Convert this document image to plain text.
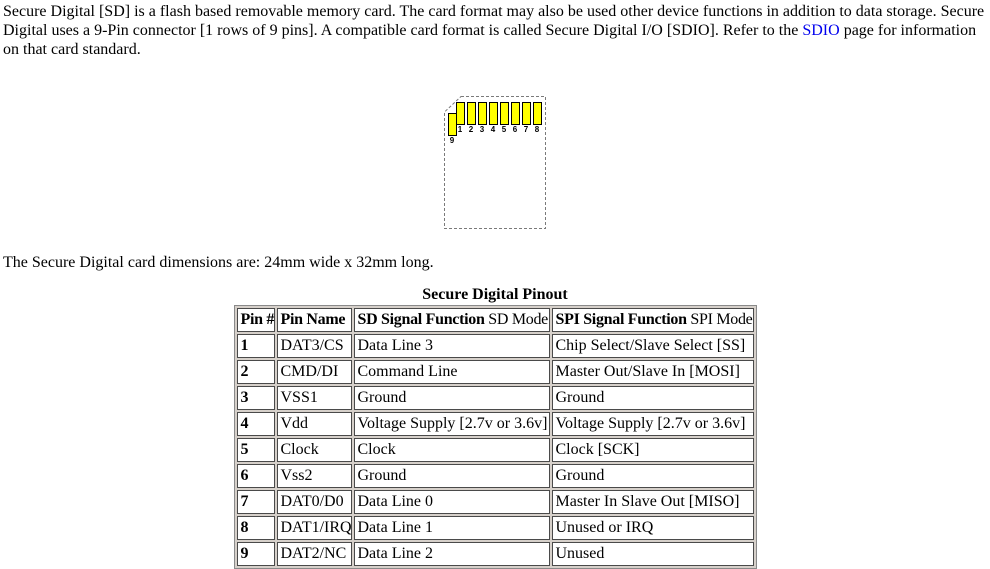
Secure Digital [SD] is a flash based removable memory card. The card format may also be used other device functions in addition to data storage. Secure Digital uses a 9-Pin connector [1 rows of 9 pins]. A compatible card format is called Secure Digital I/O [SDIO]. Refer to the SDIO page for information on that card standard.

1 2 3 4 5 6 7 8
9

The Secure Digital card dimensions are: 24mm wide x 32mm long.

Secure Digital Pinout
Pin #	Pin Name	SD Signal Function SD Mode	SPI Signal Function SPI Mode
1	DAT3/CS	Data Line 3	Chip Select/Slave Select [SS]
2	CMD/DI	Command Line	Master Out/Slave In [MOSI]
3	VSS1	Ground	Ground
4	Vdd	Voltage Supply [2.7v or 3.6v]	Voltage Supply [2.7v or 3.6v]
5	Clock	Clock	Clock [SCK]
6	Vss2	Ground	Ground
7	DAT0/D0	Data Line 0	Master In Slave Out [MISO]
8	DAT1/IRQ	Data Line 1	Unused or IRQ
9	DAT2/NC	Data Line 2	Unused
